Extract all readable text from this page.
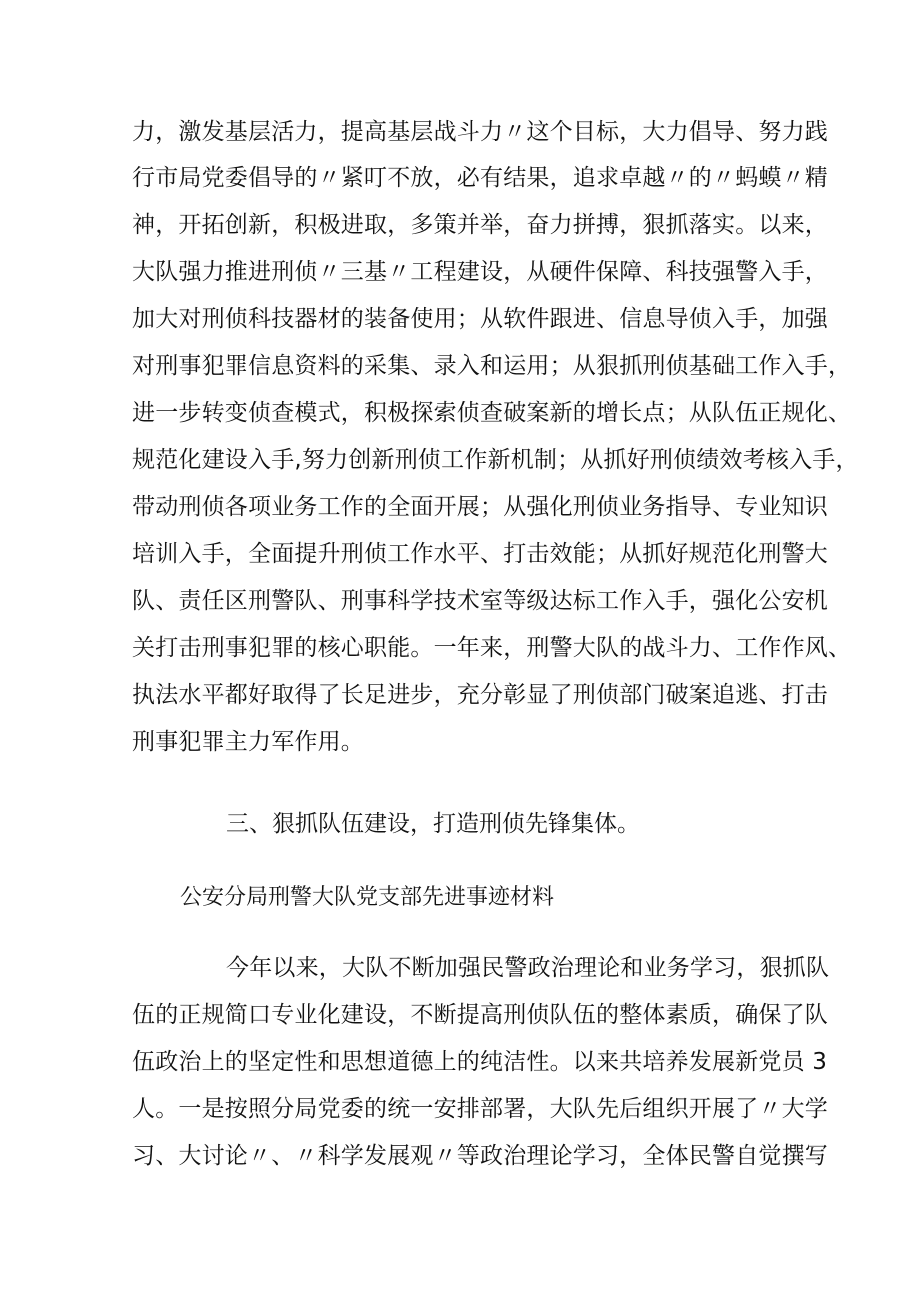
力，激发基层活力，提高基层战斗力〃这个目标，大力倡导、努力践
行市局党委倡导的〃紧叮不放，必有结果，追求卓越〃的〃蚂蟆〃精
神，开拓创新，积极进取，多策并举，奋力拼搏，狠抓落实。以来，
大队强力推进刑侦〃三基〃工程建设，从硬件保障、科技强警入手，
加大对刑侦科技器材的装备使用；从软件跟进、信息导侦入手，加强
对刑事犯罪信息资料的采集、录入和运用；从狠抓刑侦基础工作入手，
进一步转变侦查模式，积极探索侦查破案新的增长点；从队伍正规化、
规范化建设入手,努力创新刑侦工作新机制；从抓好刑侦绩效考核入手，
带动刑侦各项业务工作的全面开展；从强化刑侦业务指导、专业知识
培训入手，全面提升刑侦工作水平、打击效能；从抓好规范化刑警大
队、责任区刑警队、刑事科学技术室等级达标工作入手，强化公安机
关打击刑事犯罪的核心职能。一年来，刑警大队的战斗力、工作作风、
执法水平都好取得了长足进步，充分彰显了刑侦部门破案追逃、打击
刑事犯罪主力军作用。
三、狠抓队伍建设，打造刑侦先锋集体。
公安分局刑警大队党支部先进事迹材料
今年以来，大队不断加强民警政治理论和业务学习，狠抓队
伍的正规简口专业化建设，不断提高刑侦队伍的整体素质，确保了队
伍政治上的坚定性和思想道德上的纯洁性。以来共培养发展新党员 3
人。一是按照分局党委的统一安排部署，大队先后组织开展了〃大学
习、大讨论〃、〃科学发展观〃等政治理论学习，全体民警自觉撰写
